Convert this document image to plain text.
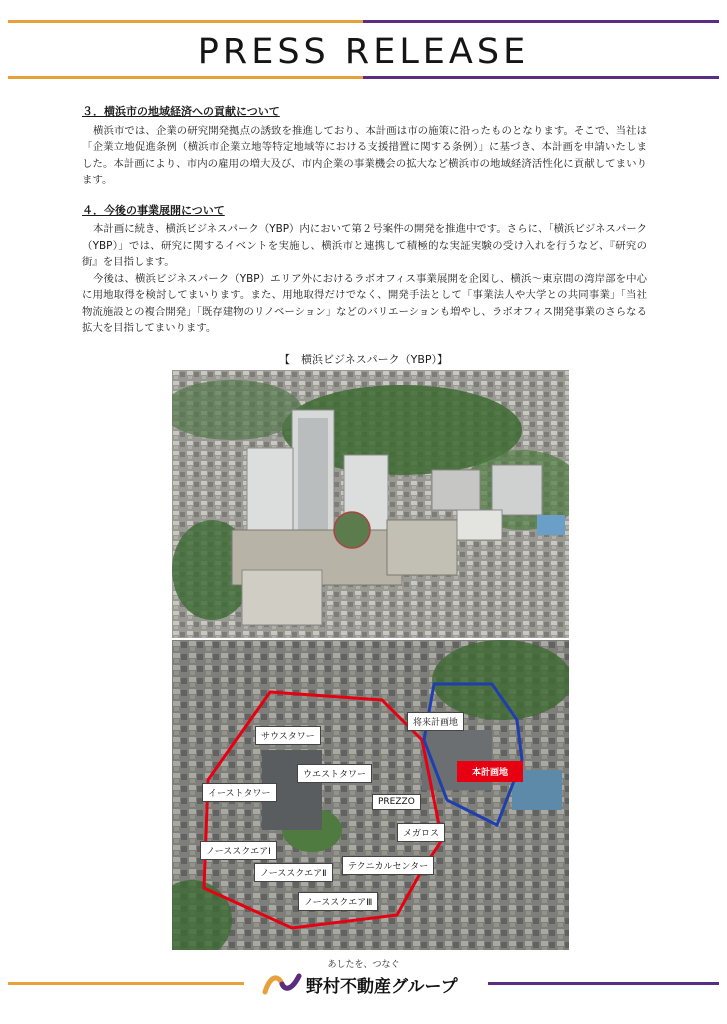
PRESS RELEASE
３．横浜市の地域経済への貢献について

横浜市では、企業の研究開発拠点の誘致を推進しており、本計画は市の施策に沿ったものとなります。そこで、当社は「企業立地促進条例（横浜市企業立地等特定地域等における支援措置に関する条例）」に基づき、本計画を申請いたしました。本計画により、市内の雇用の増大及び、市内企業の事業機会の拡大など横浜市の地域経済活性化に貢献してまいります。

４．今後の事業展開について

本計画に続き、横浜ビジネスパーク（YBP）内において第２号案件の開発を推進中です。さらに、「横浜ビジネスパーク（YBP）」では、研究に関するイベントを実施し、横浜市と連携して積極的な実証実験の受け入れを行うなど、『研究の街』を目指します。

今後は、横浜ビジネスパーク（YBP）エリア外におけるラボオフィス事業展開を企図し、横浜～東京間の湾岸部を中心に用地取得を検討してまいります。また、用地取得だけでなく、開発手法として「事業法人や大学との共同事業」「当社物流施設との複合開発」「既存建物のリノベーション」などのバリエーションも増やし、ラボオフィス開発事業のさらなる拡大を目指してまいります。

【　横浜ビジネスパーク（YBP）】
サウスタワー
ウエストタワー
イーストタワー
PREZZO
メガロス
ノーススクエアⅠ
テクニカルセンター
ノーススクエアⅡ
ノーススクエアⅢ
将来計画地
本計画地
あしたを、つなぐ
野村不動産グループ
